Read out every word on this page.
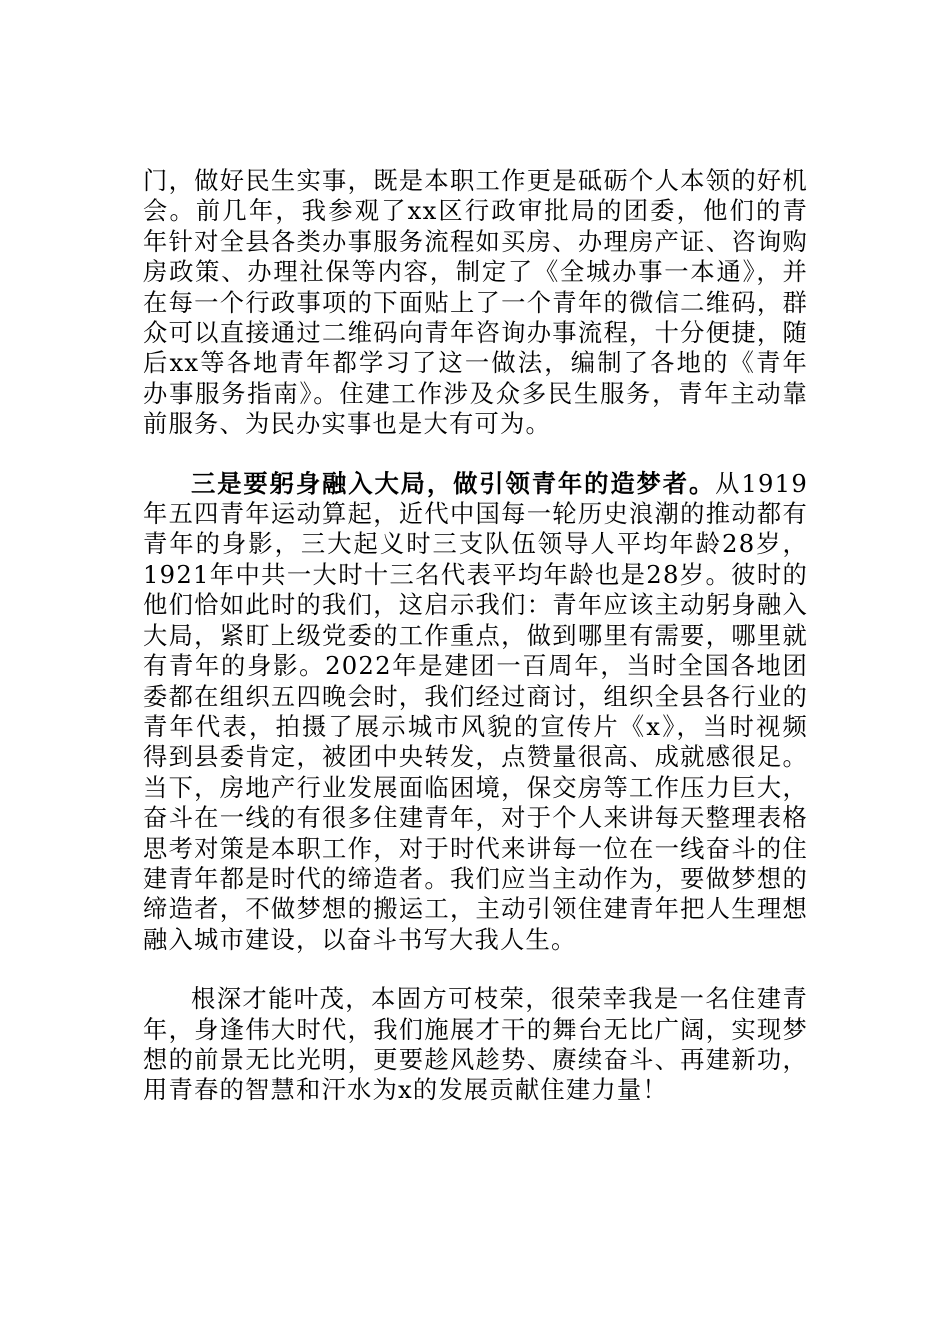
门，做好民生实事，既是本职工作更是砥砺个人本领的好机会。前几年，我参观了xx区行政审批局的团委，他们的青年针对全县各类办事服务流程如买房、办理房产证、咨询购房政策、办理社保等内容，制定了《全城办事一本通》，并在每一个行政事项的下面贴上了一个青年的微信二维码，群众可以直接通过二维码向青年咨询办事流程，十分便捷，随后xx等各地青年都学习了这一做法，编制了各地的《青年办事服务指南》。住建工作涉及众多民生服务，青年主动靠前服务、为民办实事也是大有可为。

三是要躬身融入大局，做引领青年的造梦者。从1919年五四青年运动算起，近代中国每一轮历史浪潮的推动都有青年的身影，三大起义时三支队伍领导人平均年龄28岁，1921年中共一大时十三名代表平均年龄也是28岁。彼时的他们恰如此时的我们，这启示我们：青年应该主动躬身融入大局，紧盯上级党委的工作重点，做到哪里有需要，哪里就有青年的身影。2022年是建团一百周年，当时全国各地团委都在组织五四晚会时，我们经过商讨，组织全县各行业的青年代表，拍摄了展示城市风貌的宣传片《x》，当时视频得到县委肯定，被团中央转发，点赞量很高、成就感很足。当下，房地产行业发展面临困境，保交房等工作压力巨大，奋斗在一线的有很多住建青年，对于个人来讲每天整理表格思考对策是本职工作，对于时代来讲每一位在一线奋斗的住建青年都是时代的缔造者。我们应当主动作为，要做梦想的缔造者，不做梦想的搬运工，主动引领住建青年把人生理想融入城市建设，以奋斗书写大我人生。

根深才能叶茂，本固方可枝荣，很荣幸我是一名住建青年，身逢伟大时代，我们施展才干的舞台无比广阔，实现梦想的前景无比光明，更要趁风趁势、赓续奋斗、再建新功，用青春的智慧和汗水为x的发展贡献住建力量！
